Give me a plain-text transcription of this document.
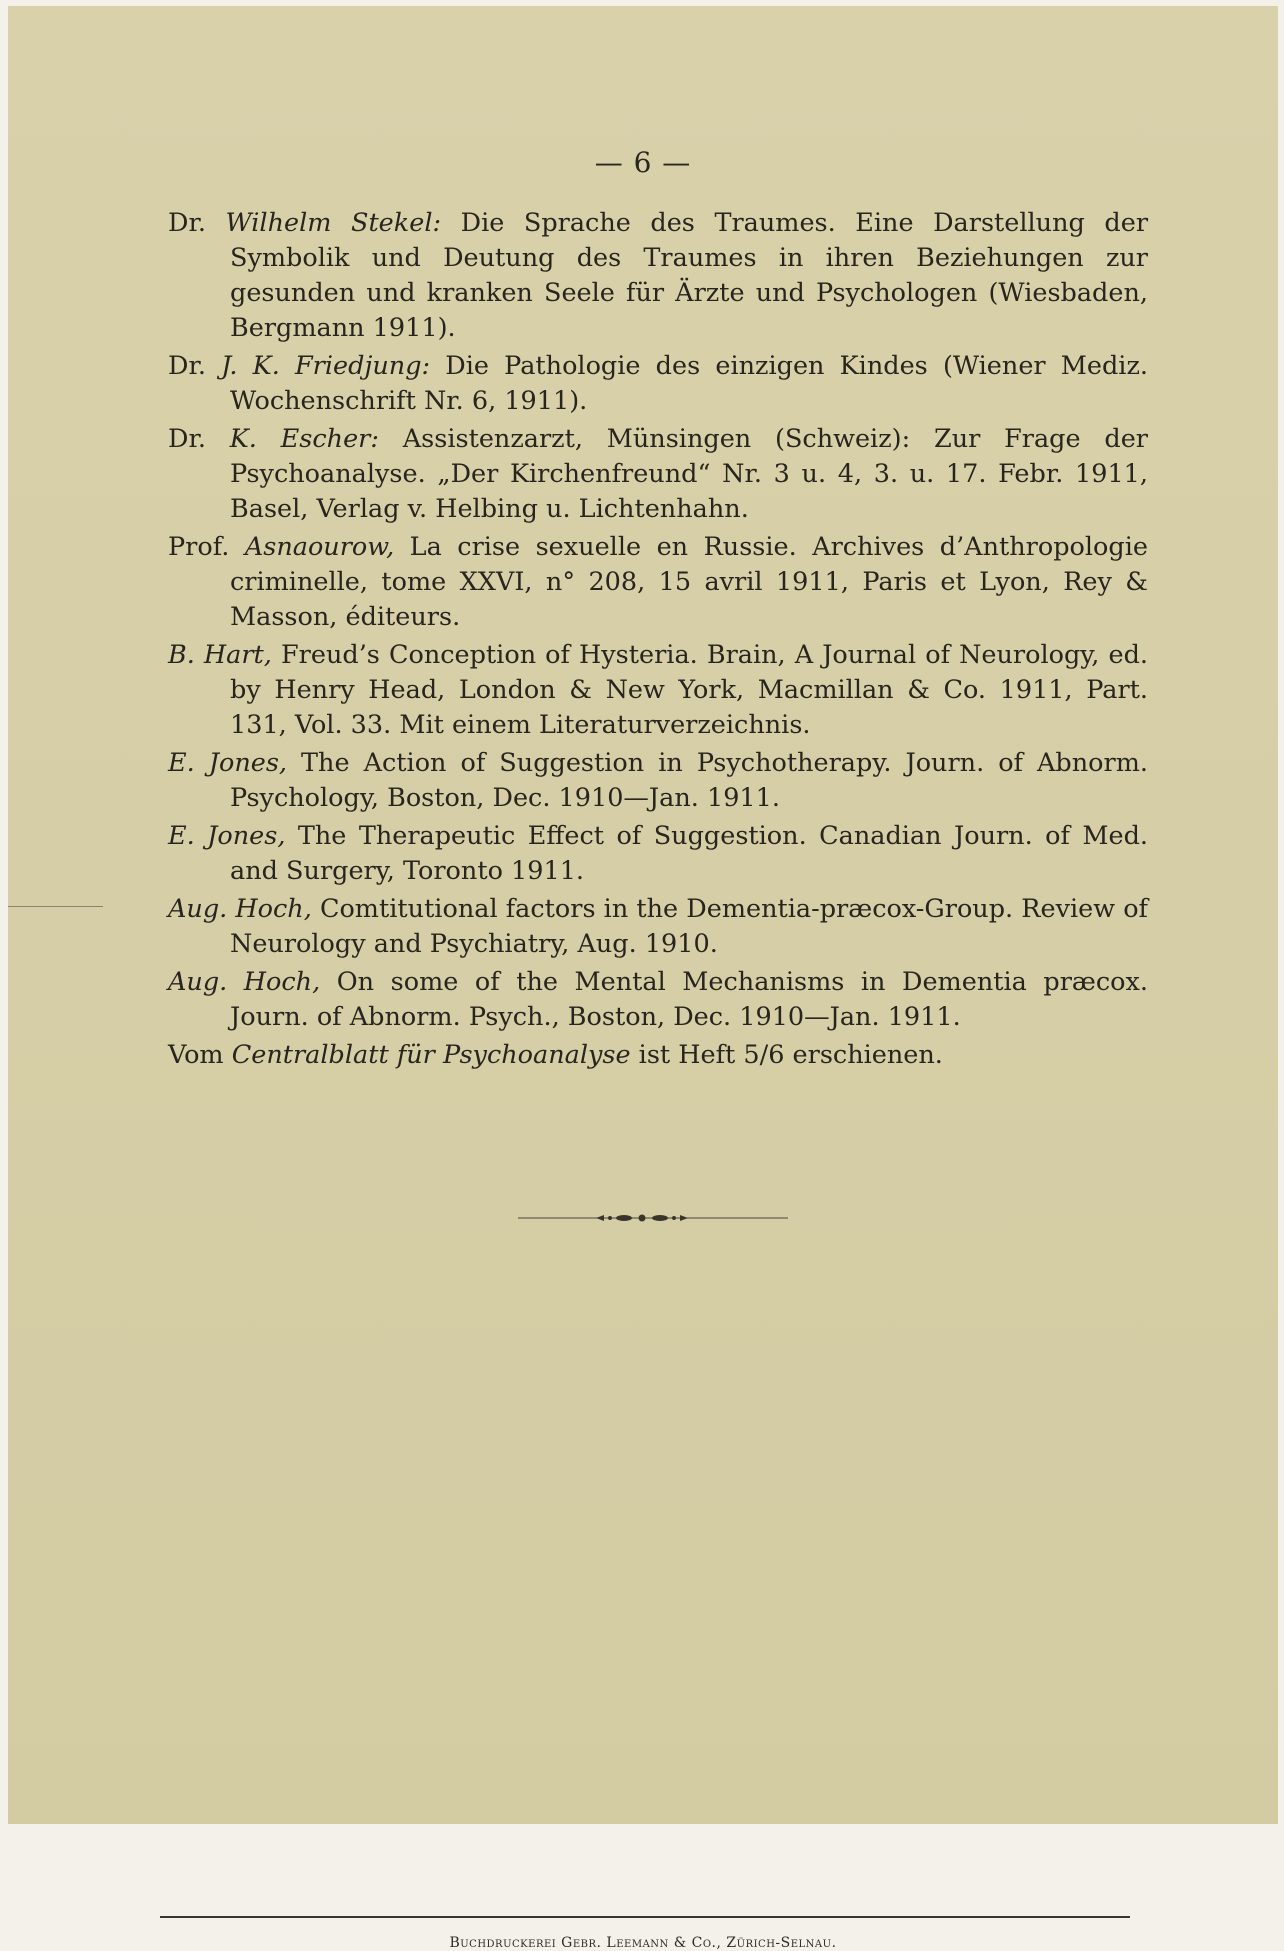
— 6 —
Dr. Wilhelm Stekel: Die Sprache des Traumes. Eine Darstellung der Symbolik und Deutung des Traumes in ihren Beziehungen zur gesunden und kranken Seele für Ärzte und Psychologen (Wiesbaden, Bergmann 1911).
Dr. J. K. Friedjung: Die Pathologie des einzigen Kindes (Wiener Mediz. Wochenschrift Nr. 6, 1911).
Dr. K. Escher: Assistenzarzt, Münsingen (Schweiz): Zur Frage der Psychoanalyse. „Der Kirchenfreund“ Nr. 3 u. 4, 3. u. 17. Febr. 1911, Basel, Verlag v. Helbing u. Lichtenhahn.
Prof. Asnaourow, La crise sexuelle en Russie. Archives d’Anthropologie criminelle, tome XXVI, n° 208, 15 avril 1911, Paris et Lyon, Rey & Masson, éditeurs.
B. Hart, Freud’s Conception of Hysteria. Brain, A Journal of Neurology, ed. by Henry Head, London & New York, Macmillan & Co. 1911, Part. 131, Vol. 33. Mit einem Literaturverzeichnis.
E. Jones, The Action of Suggestion in Psychotherapy. Journ. of Abnorm. Psychology, Boston, Dec. 1910—Jan. 1911.
E. Jones, The Therapeutic Effect of Suggestion. Canadian Journ. of Med. and Surgery, Toronto 1911.
Aug. Hoch, Comtitutional factors in the Dementia-præcox-Group. Review of Neurology and Psychiatry, Aug. 1910.
Aug. Hoch, On some of the Mental Mechanisms in Dementia præcox. Journ. of Abnorm. Psych., Boston, Dec. 1910—Jan. 1911.
Vom Centralblatt für Psychoanalyse ist Heft 5/6 erschienen.
Buchdruckerei Gebr. Leemann & Co., Zürich-Selnau.
